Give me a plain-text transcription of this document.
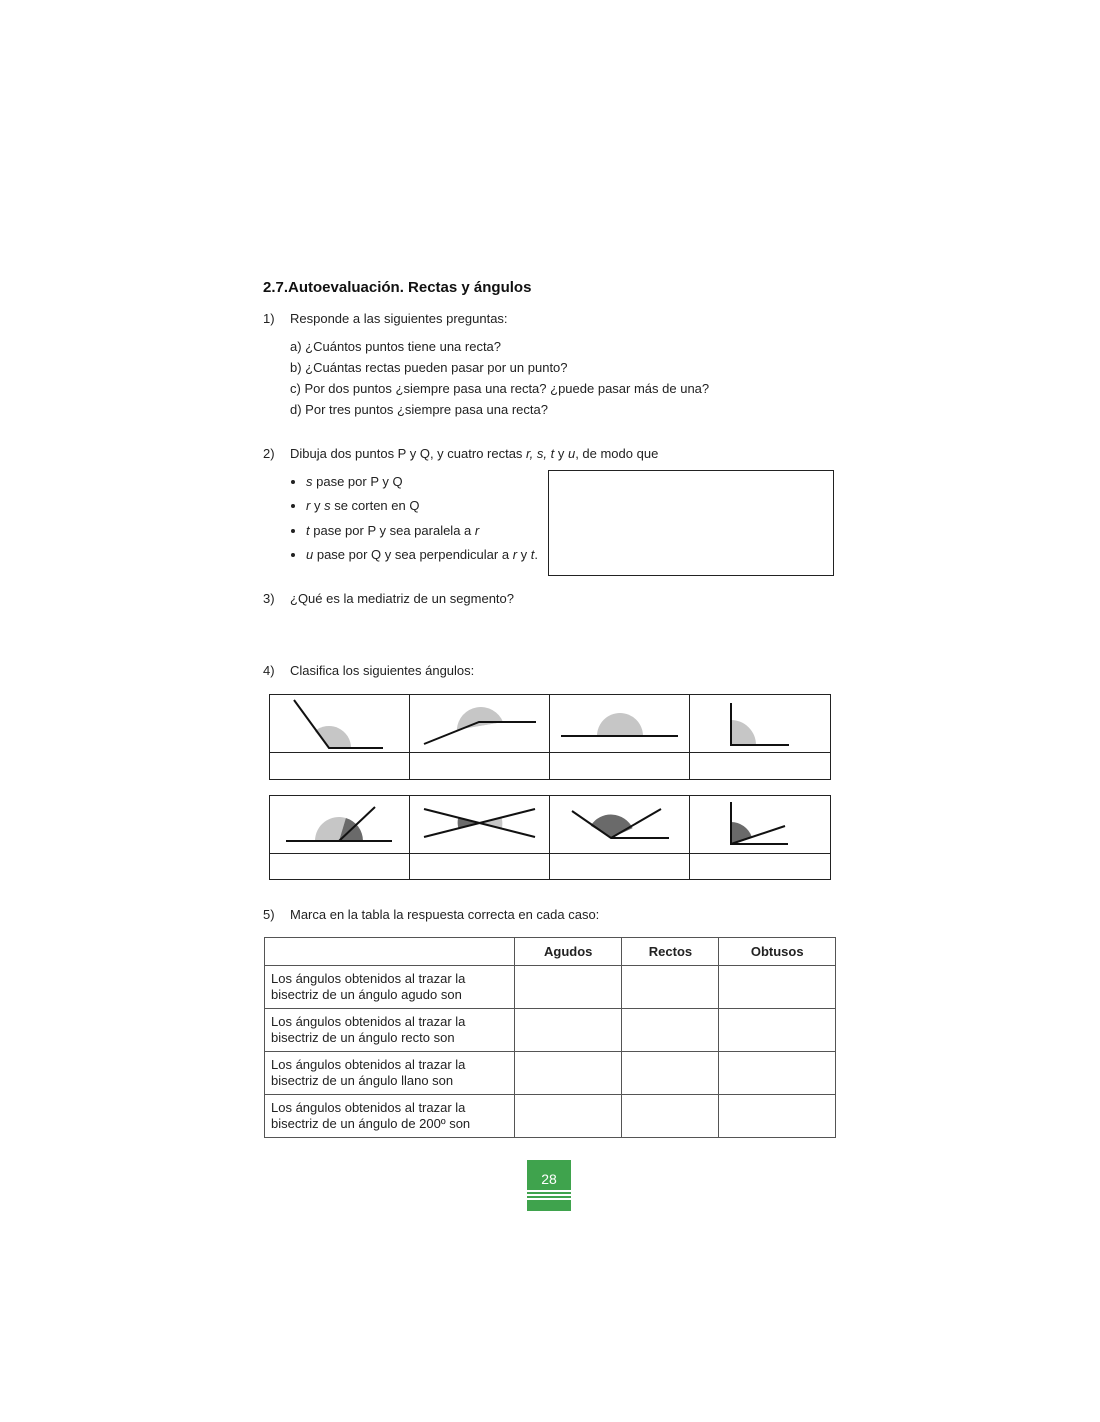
2.7.Autoevaluación. Rectas y ángulos
1)	Responde a las siguientes preguntas:
a) ¿Cuántos puntos tiene una recta?
b) ¿Cuántas rectas pueden pasar por un punto?
c) Por dos puntos ¿siempre pasa una recta? ¿puede pasar más de una?
d) Por tres puntos ¿siempre pasa una recta?
2)	Dibuja dos puntos P y Q, y cuatro rectas r, s, t y u, de modo que
s pase por P y Q
r y s se corten en Q
t pase por P y sea paralela a r
u pase por Q y sea perpendicular a r y t.
3)	¿Qué es la mediatriz de un segmento?
4)	Clasifica los siguientes ángulos:
5)	Marca en la tabla la respuesta correcta en cada caso:
	Agudos	Rectos	Obtusos
Los ángulos obtenidos al trazar la
bisectriz de un ángulo agudo son			
Los ángulos obtenidos al trazar la
bisectriz de un ángulo recto son			
Los ángulos obtenidos al trazar la
bisectriz de un ángulo llano son			
Los ángulos obtenidos al trazar la
bisectriz de un ángulo de 200º son			
28
